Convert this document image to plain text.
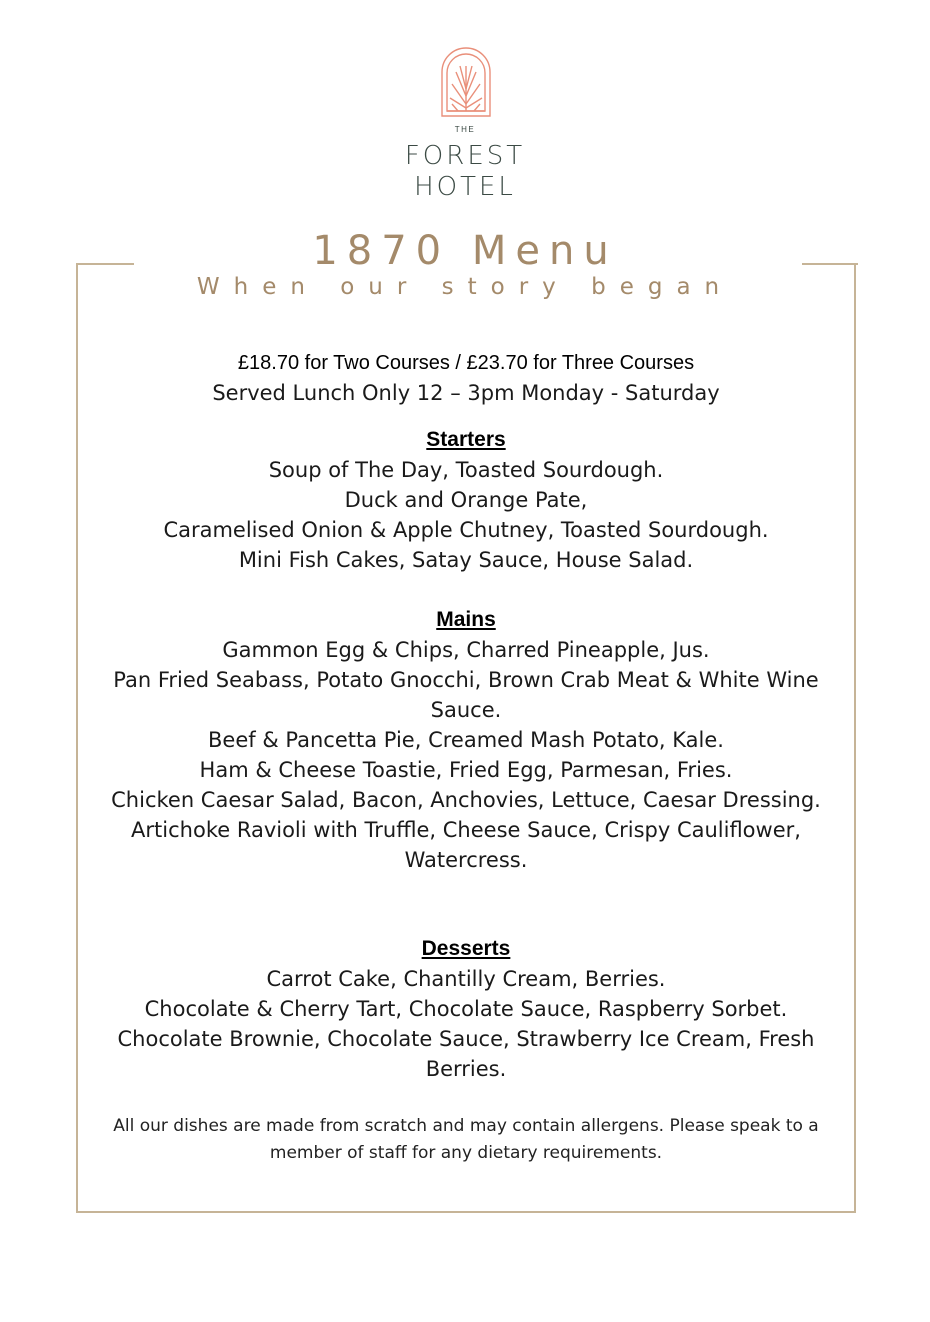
THE
FOREST
HOTEL
1870 Menu
When our story began
£18.70 for Two Courses / £23.70 for Three Courses
Served Lunch Only 12 – 3pm Monday - Saturday
Starters
Soup of The Day, Toasted Sourdough.
Duck and Orange Pate,
Caramelised Onion & Apple Chutney, Toasted Sourdough.
Mini Fish Cakes, Satay Sauce, House Salad.
Mains
Gammon Egg & Chips, Charred Pineapple, Jus.
Pan Fried Seabass, Potato Gnocchi, Brown Crab Meat & White Wine Sauce.
Beef & Pancetta Pie, Creamed Mash Potato, Kale.
Ham & Cheese Toastie, Fried Egg, Parmesan, Fries.
Chicken Caesar Salad, Bacon, Anchovies, Lettuce, Caesar Dressing.
Artichoke Ravioli with Truffle, Cheese Sauce, Crispy Cauliflower, Watercress.
Desserts
Carrot Cake, Chantilly Cream, Berries.
Chocolate & Cherry Tart, Chocolate Sauce, Raspberry Sorbet.
Chocolate Brownie, Chocolate Sauce, Strawberry Ice Cream, Fresh Berries.
All our dishes are made from scratch and may contain allergens. Please speak to a member of staff for any dietary requirements.
